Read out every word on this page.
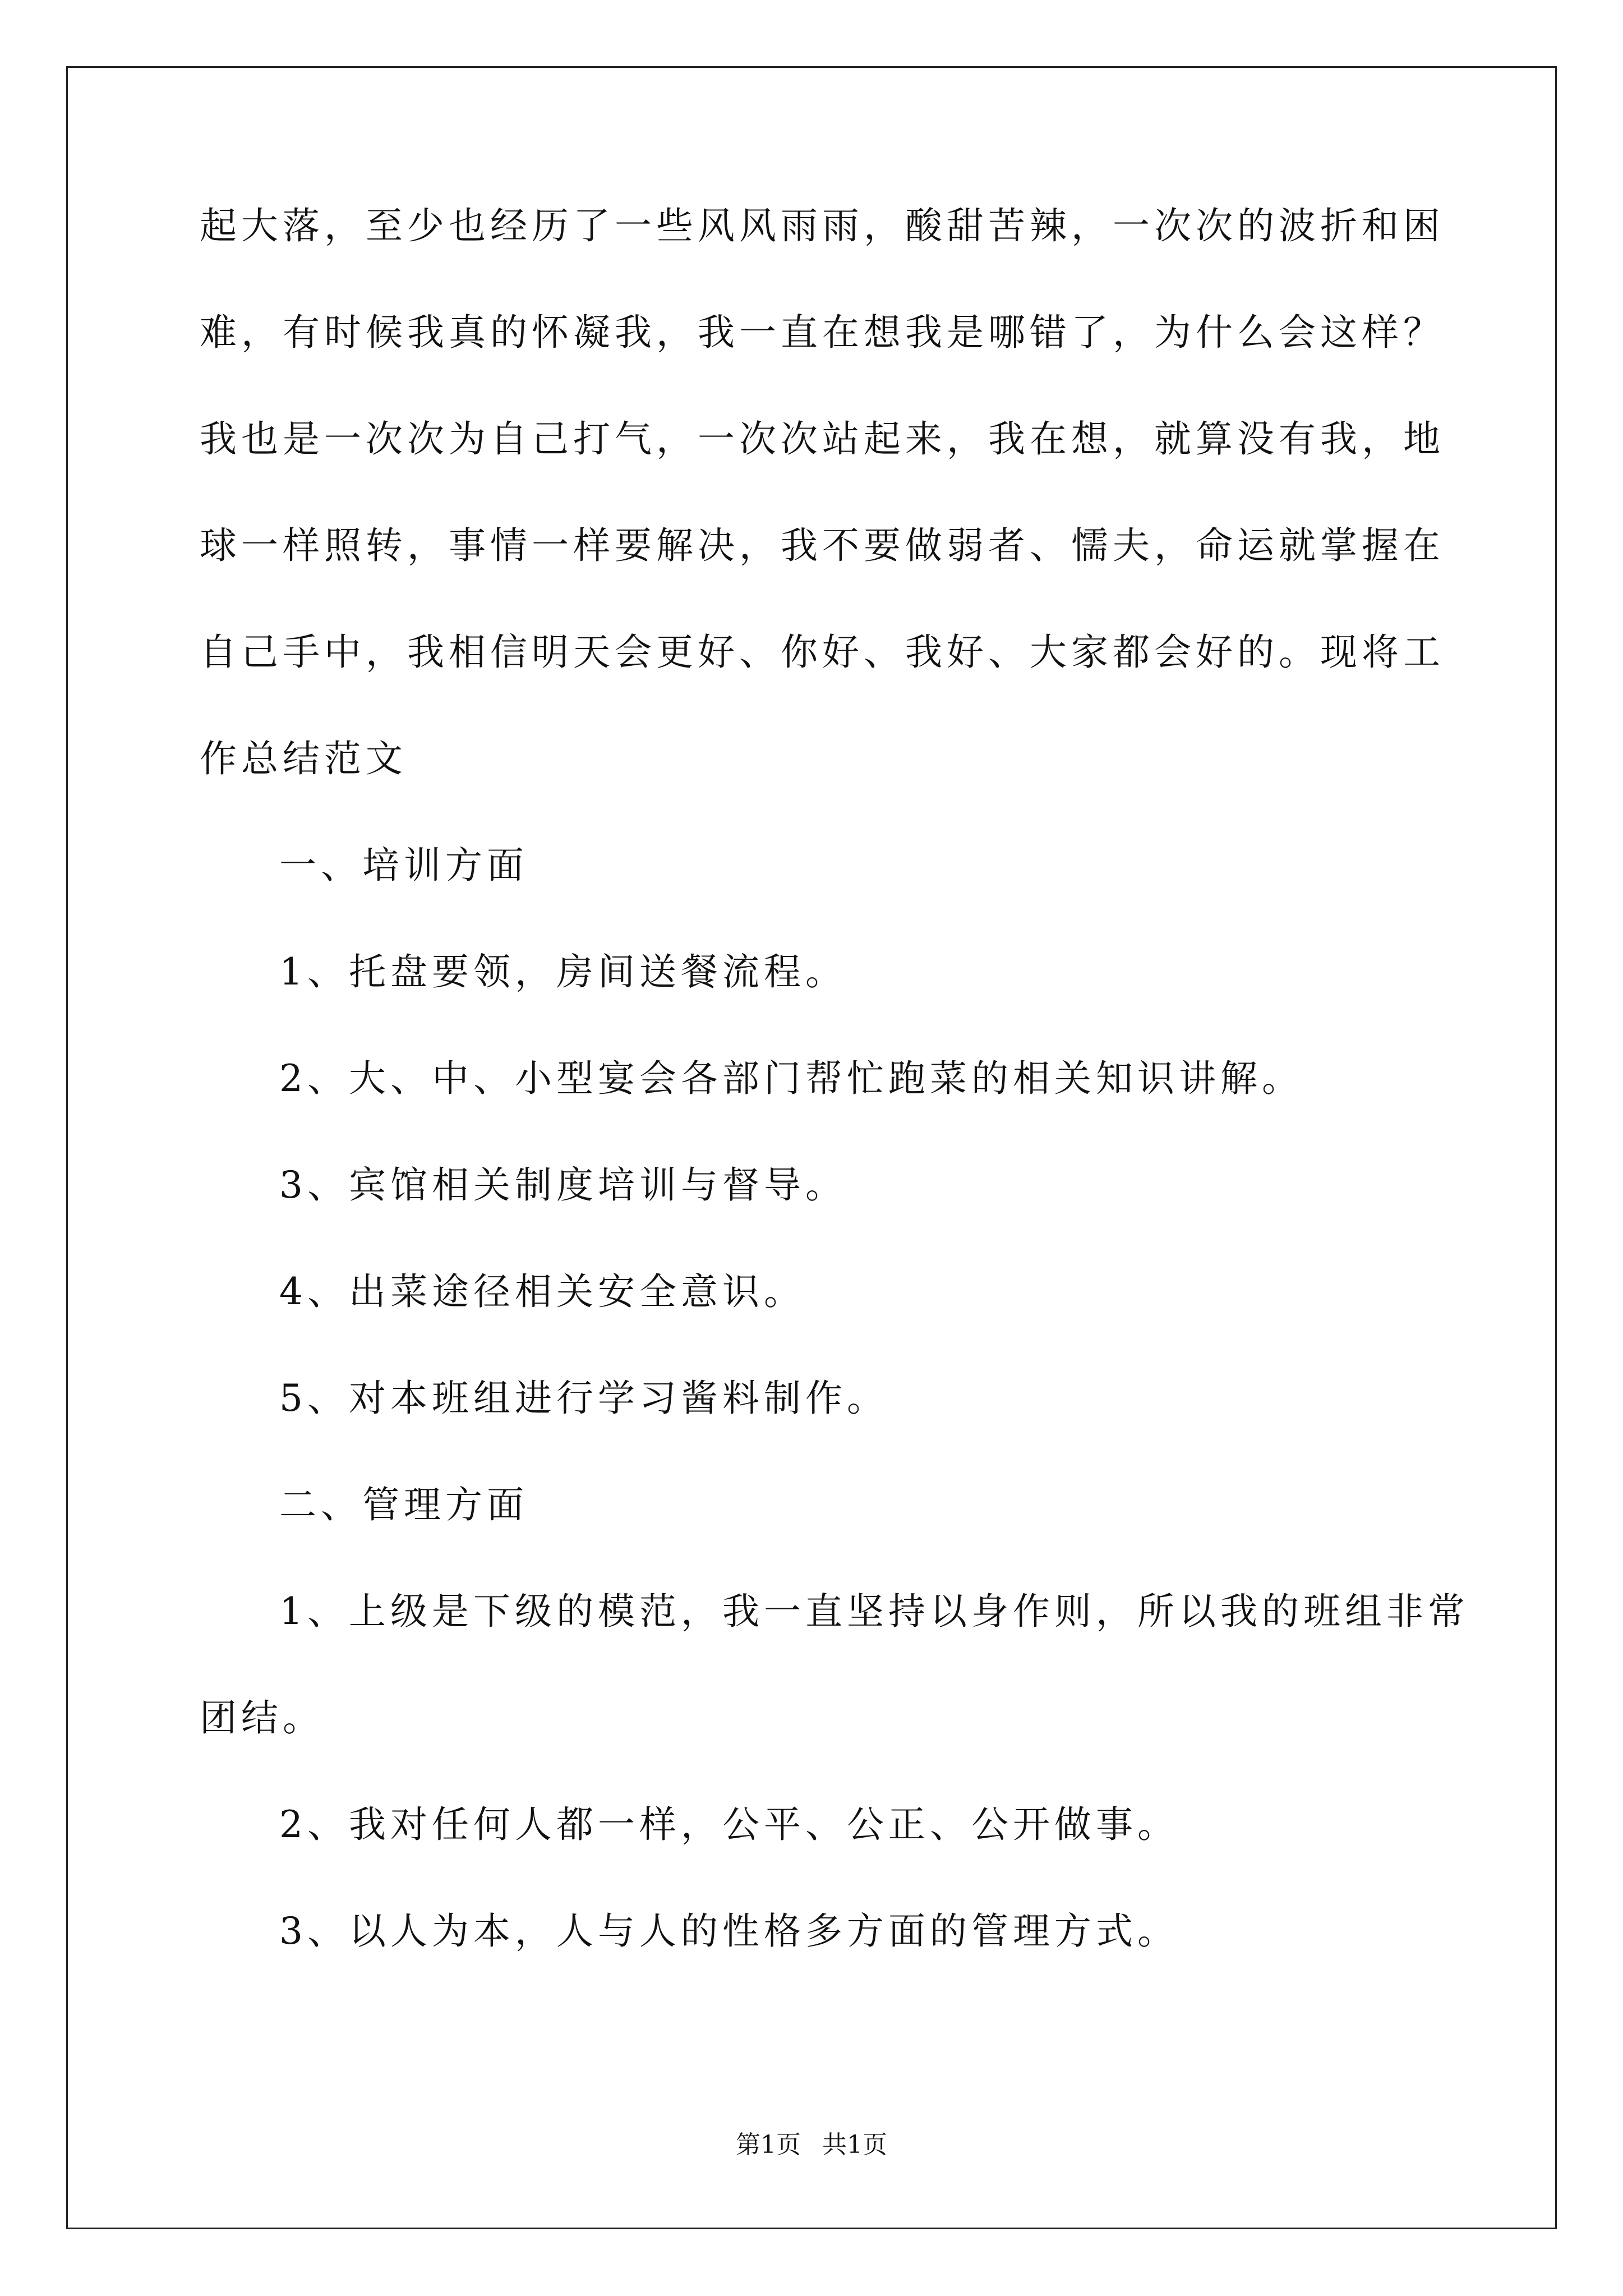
起大落，至少也经历了一些风风雨雨，酸甜苦辣，一次次的波折和困
难，有时候我真的怀凝我，我一直在想我是哪错了，为什么会这样？
我也是一次次为自己打气，一次次站起来，我在想，就算没有我，地
球一样照转，事情一样要解决，我不要做弱者、懦夫，命运就掌握在
自己手中，我相信明天会更好、你好、我好、大家都会好的。现将工
作总结范文
一、培训方面
1、托盘要领，房间送餐流程。
2、大、中、小型宴会各部门帮忙跑菜的相关知识讲解。
3、宾馆相关制度培训与督导。
4、出菜途径相关安全意识。
5、对本班组进行学习酱料制作。
二、管理方面
1、上级是下级的模范，我一直坚持以身作则，所以我的班组非常
团结。
2、我对任何人都一样，公平、公正、公开做事。
3、以人为本，人与人的性格多方面的管理方式。
第1页 共1页
